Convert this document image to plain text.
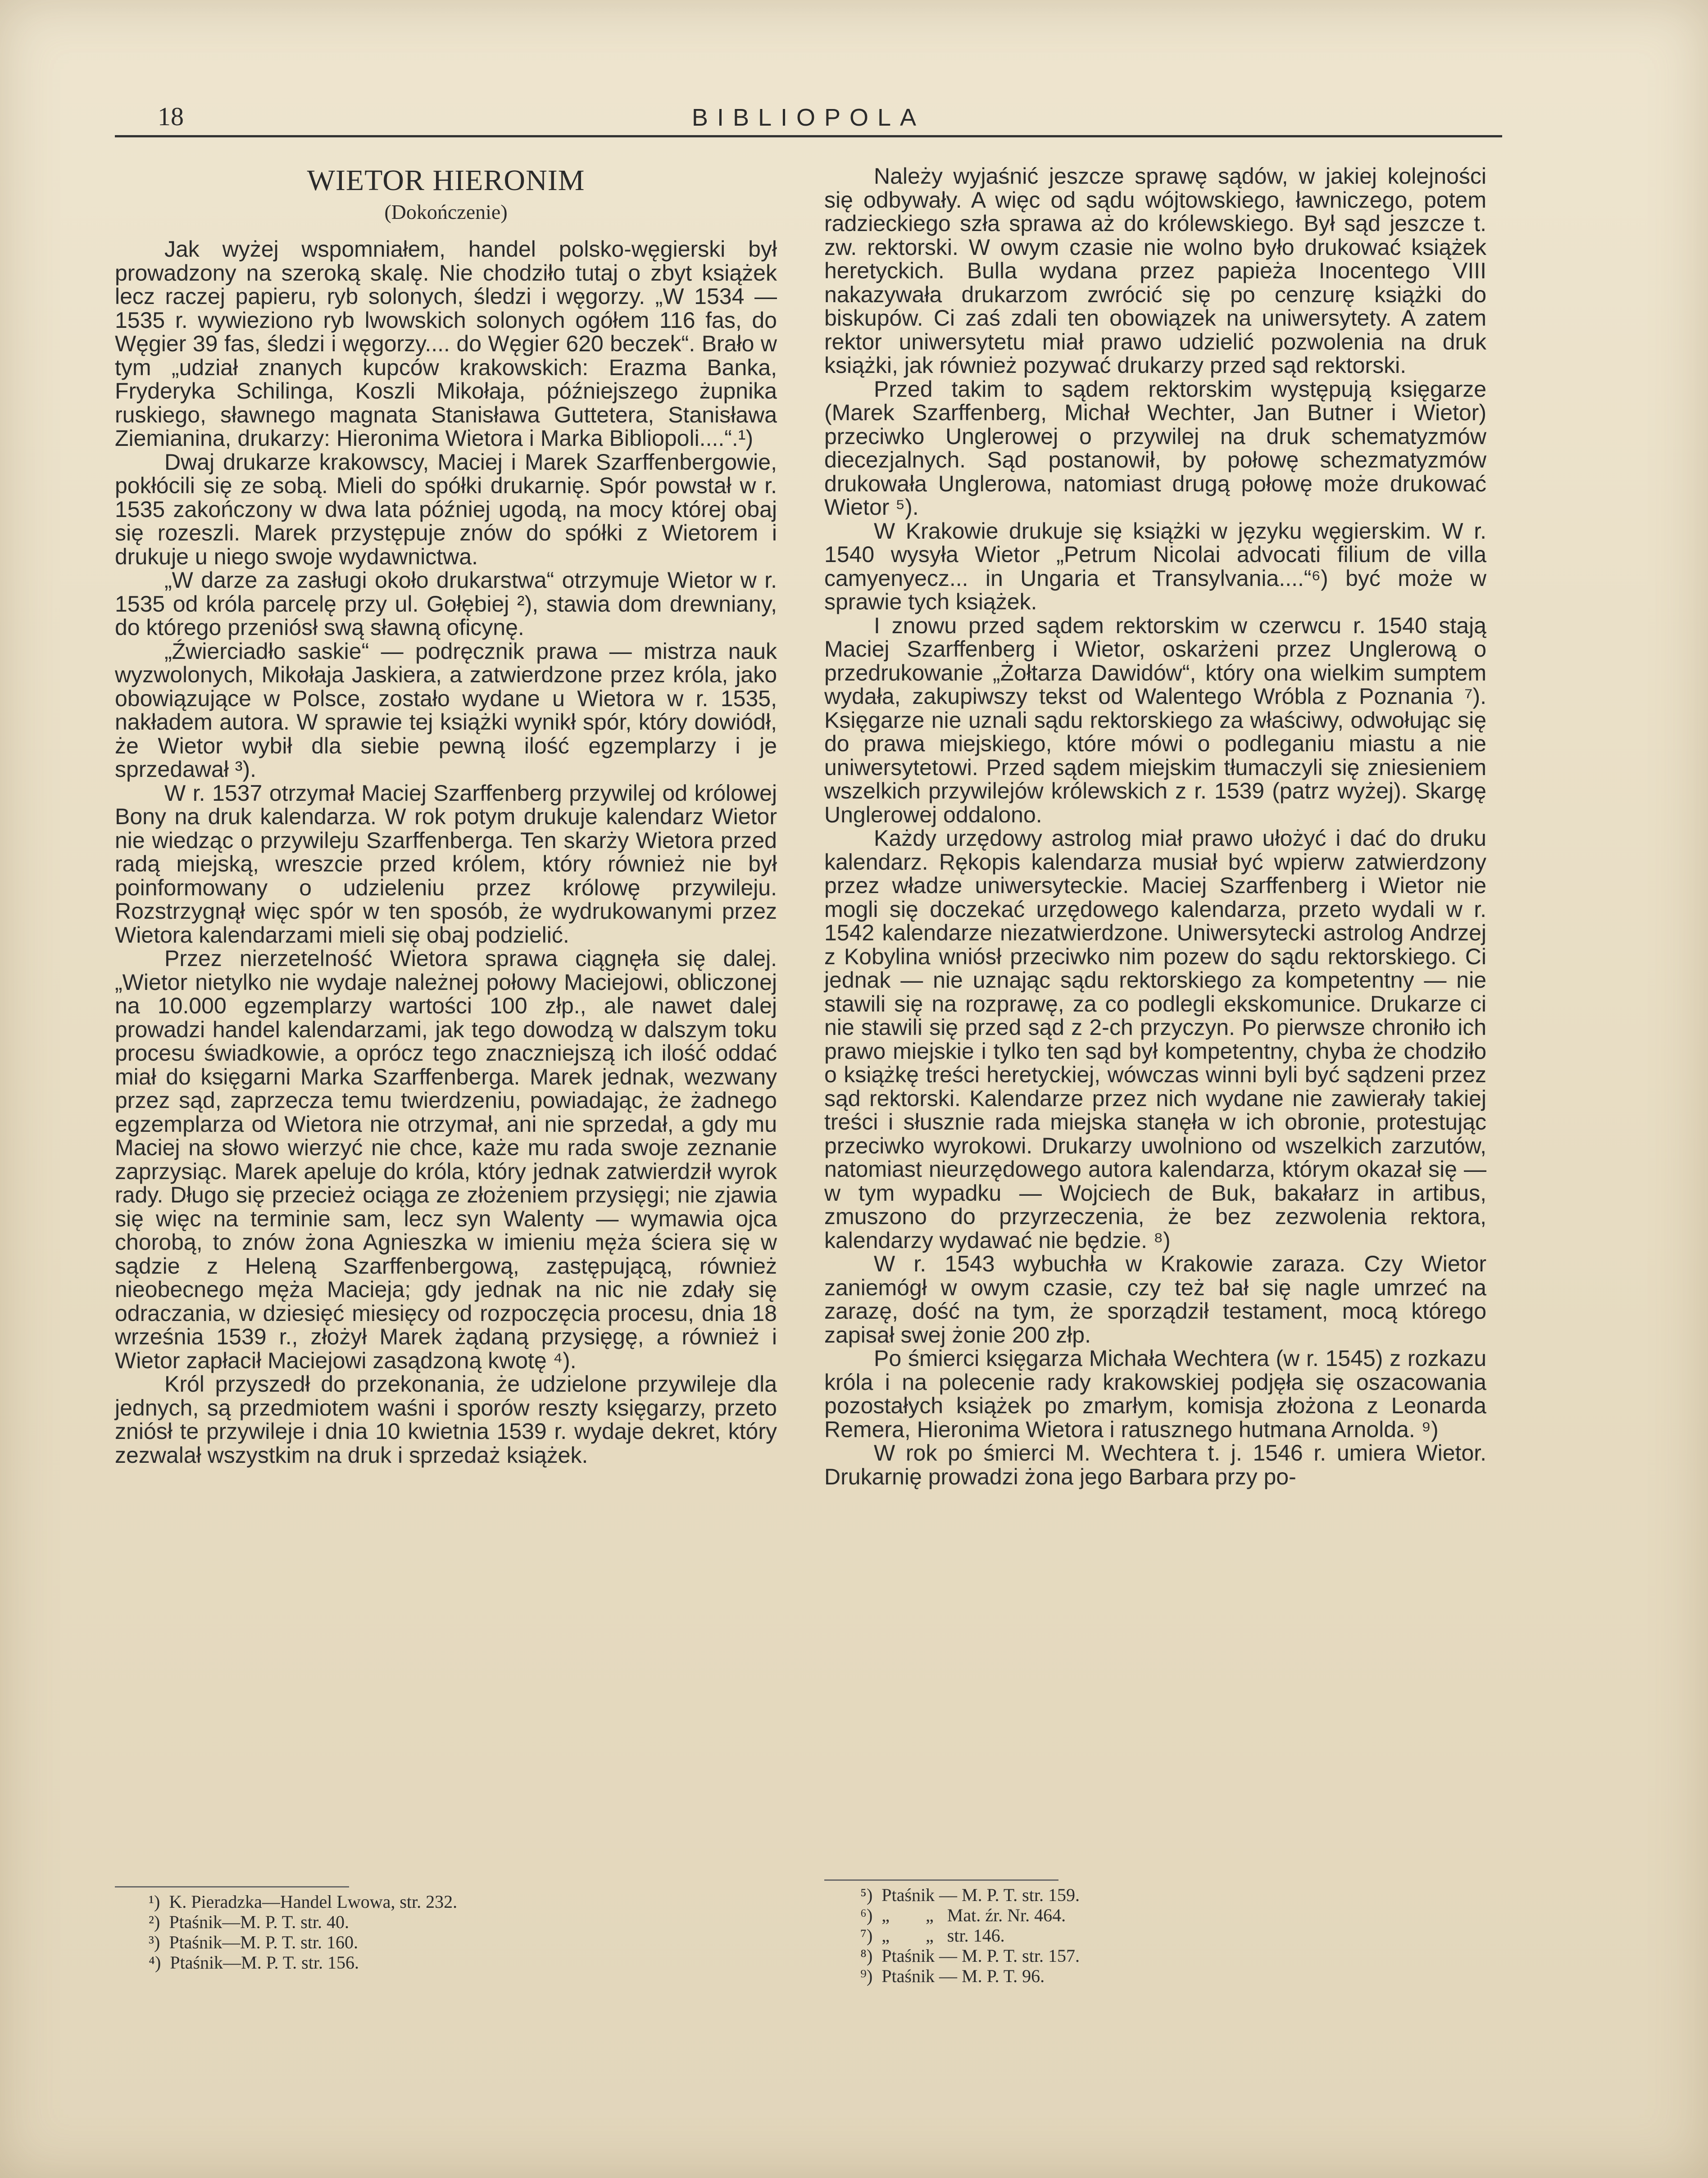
18	BIBLIOPOLA
WIETOR HIERONIM
(Dokończenie)

Jak wyżej wspomniałem, handel polsko-węgierski był prowadzony na szeroką skalę. Nie chodziło tutaj o zbyt książek lecz raczej papieru, ryb solonych, śledzi i węgorzy. „W 1534 — 1535 r. wywieziono ryb lwowskich solonych ogółem 116 fas, do Węgier 39 fas, śledzi i węgorzy.... do Węgier 620 beczek“. Brało w tym „udział znanych kupców krakowskich: Erazma Banka, Fryderyka Schilinga, Koszli Mikołaja, późniejszego żupnika ruskiego, sławnego magnata Stanisława Guttetera, Stanisława Ziemianina, drukarzy: Hieronima Wietora i Marka Bibliopoli....“.¹)

Dwaj drukarze krakowscy, Maciej i Marek Szarffenbergowie, pokłócili się ze sobą. Mieli do spółki drukarnię. Spór powstał w r. 1535 zakończony w dwa lata później ugodą, na mocy której obaj się rozeszli. Marek przystępuje znów do spółki z Wietorem i drukuje u niego swoje wydawnictwa.

„W darze za zasługi około drukarstwa“ otrzymuje Wietor w r. 1535 od króla parcelę przy ul. Gołębiej ²), stawia dom drewniany, do którego przeniósł swą sławną oficynę.

„Źwierciadło saskie“ — podręcznik prawa — mistrza nauk wyzwolonych, Mikołaja Jaskiera, a zatwierdzone przez króla, jako obowiązujące w Polsce, zostało wydane u Wietora w r. 1535, nakładem autora. W sprawie tej książki wynikł spór, który dowiódł, że Wietor wybił dla siebie pewną ilość egzemplarzy i je sprzedawał ³).

W r. 1537 otrzymał Maciej Szarffenberg przywilej od królowej Bony na druk kalendarza. W rok potym drukuje kalendarz Wietor nie wiedząc o przywileju Szarffenberga. Ten skarży Wietora przed radą miejską, wreszcie przed królem, który również nie był poinformowany o udzieleniu przez królowę przywileju. Rozstrzygnął więc spór w ten sposób, że wydrukowanymi przez Wietora kalendarzami mieli się obaj podzielić.

Przez nierzetelność Wietora sprawa ciągnęła się dalej. „Wietor nietylko nie wydaje należnej połowy Maciejowi, obliczonej na 10.000 egzemplarzy wartości 100 złp., ale nawet dalej prowadzi handel kalendarzami, jak tego dowodzą w dalszym toku procesu świadkowie, a oprócz tego znaczniejszą ich ilość oddać miał do księgarni Marka Szarffenberga. Marek jednak, wezwany przez sąd, zaprzecza temu twierdzeniu, powiadając, że żadnego egzemplarza od Wietora nie otrzymał, ani nie sprzedał, a gdy mu Maciej na słowo wierzyć nie chce, każe mu rada swoje zeznanie zaprzysiąc. Marek apeluje do króla, który jednak zatwierdził wyrok rady. Długo się przecież ociąga ze złożeniem przysięgi; nie zjawia się więc na terminie sam, lecz syn Walenty — wymawia ojca chorobą, to znów żona Agnieszka w imieniu męża ściera się w sądzie z Heleną Szarffenbergową, zastępującą, również nieobecnego męża Macieja; gdy jednak na nic nie zdały się odraczania, w dziesięć miesięcy od rozpoczęcia procesu, dnia 18 września 1539 r., złożył Marek żądaną przysięgę, a również i Wietor zapłacił Maciejowi zasądzoną kwotę ⁴).

Król przyszedł do przekonania, że udzielone przywileje dla jednych, są przedmiotem waśni i sporów reszty księgarzy, przeto zniósł te przywileje i dnia 10 kwietnia 1539 r. wydaje dekret, który zezwalał wszystkim na druk i sprzedaż książek.

Należy wyjaśnić jeszcze sprawę sądów, w jakiej kolejności się odbywały. A więc od sądu wójtowskiego, ławniczego, potem radzieckiego szła sprawa aż do królewskiego. Był sąd jeszcze t. zw. rektorski. W owym czasie nie wolno było drukować książek heretyckich. Bulla wydana przez papieża Inocentego VIII nakazywała drukarzom zwrócić się po cenzurę książki do biskupów. Ci zaś zdali ten obowiązek na uniwersytety. A zatem rektor uniwersytetu miał prawo udzielić pozwolenia na druk książki, jak również pozywać drukarzy przed sąd rektorski.

Przed takim to sądem rektorskim występują księgarze (Marek Szarffenberg, Michał Wechter, Jan Butner i Wietor) przeciwko Unglerowej o przywilej na druk schematyzmów diecezjalnych. Sąd postanowił, by połowę schezmatyzmów drukowała Unglerowa, natomiast drugą połowę może drukować Wietor ⁵).

W Krakowie drukuje się książki w języku węgierskim. W r. 1540 wysyła Wietor „Petrum Nicolai advocati filium de villa camyenyecz... in Ungaria et Transylvania....“⁶) być może w sprawie tych książek.

I znowu przed sądem rektorskim w czerwcu r. 1540 stają Maciej Szarffenberg i Wietor, oskarżeni przez Unglerową o przedrukowanie „Żołtarza Dawidów“, który ona wielkim sumptem wydała, zakupiwszy tekst od Walentego Wróbla z Poznania ⁷). Księgarze nie uznali sądu rektorskiego za właściwy, odwołując się do prawa miejskiego, które mówi o podleganiu miastu a nie uniwersytetowi. Przed sądem miejskim tłumaczyli się zniesieniem wszelkich przywilejów królewskich z r. 1539 (patrz wyżej). Skargę Unglerowej oddalono.

Każdy urzędowy astrolog miał prawo ułożyć i dać do druku kalendarz. Rękopis kalendarza musiał być wpierw zatwierdzony przez władze uniwersyteckie. Maciej Szarffenberg i Wietor nie mogli się doczekać urzędowego kalendarza, przeto wydali w r. 1542 kalendarze niezatwierdzone. Uniwersytecki astrolog Andrzej z Kobylina wniósł przeciwko nim pozew do sądu rektorskiego. Ci jednak — nie uznając sądu rektorskiego za kompetentny — nie stawili się na rozprawę, za co podlegli ekskomunice. Drukarze ci nie stawili się przed sąd z 2-ch przyczyn. Po pierwsze chroniło ich prawo miejskie i tylko ten sąd był kompetentny, chyba że chodziło o książkę treści heretyckiej, wówczas winni byli być sądzeni przez sąd rektorski. Kalendarze przez nich wydane nie zawierały takiej treści i słusznie rada miejska stanęła w ich obronie, protestując przeciwko wyrokowi. Drukarzy uwolniono od wszelkich zarzutów, natomiast nieurzędowego autora kalendarza, którym okazał się — w tym wypadku — Wojciech de Buk, bakałarz in artibus, zmuszono do przyrzeczenia, że bez zezwolenia rektora, kalendarzy wydawać nie będzie. ⁸)

W r. 1543 wybuchła w Krakowie zaraza. Czy Wietor zaniemógł w owym czasie, czy też bał się nagle umrzeć na zarazę, dość na tym, że sporządził testament, mocą którego zapisał swej żonie 200 złp.

Po śmierci księgarza Michała Wechtera (w r. 1545) z rozkazu króla i na polecenie rady krakowskiej podjęła się oszacowania pozostałych książek po zmarłym, komisja złożona z Leonarda Remera, Hieronima Wietora i ratusznego hutmana Arnolda. ⁹)

W rok po śmierci M. Wechtera t. j. 1546 r. umiera Wietor. Drukarnię prowadzi żona jego Barbara przy po-

¹)  K. Pieradzka—Handel Lwowa, str. 232.
²)  Ptaśnik—M. P. T. str. 40.
³)  Ptaśnik—M. P. T. str. 160.
⁴)  Ptaśnik—M. P. T. str. 156.
⁵)  Ptaśnik — M. P. T. str. 159.
⁶)  „        „   Mat. źr. Nr. 464.
⁷)  „        „   str. 146.
⁸)  Ptaśnik — M. P. T. str. 157.
⁹)  Ptaśnik — M. P. T. 96.
